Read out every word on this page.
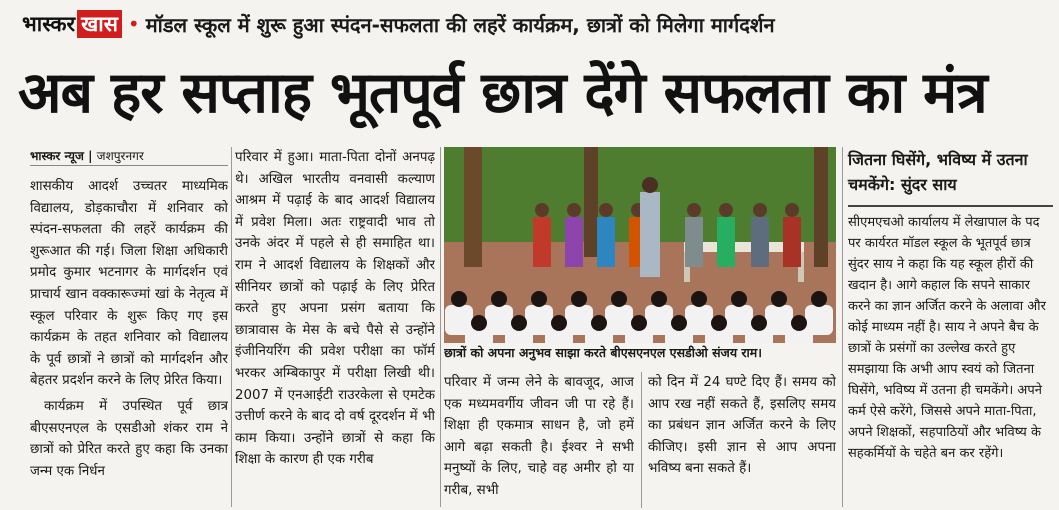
भास्कर खास • मॉडल स्कूल में शुरू हुआ स्पंदन-सफलता की लहरें कार्यक्रम, छात्रों को मिलेगा मार्गदर्शन
अब हर सप्ताह भूतपूर्व छात्र देंगे सफलता का मंत्र
भास्कर न्यूज | जशपुरनगर

शासकीय आदर्श उच्चतर माध्यमिक विद्यालय, डोड़काचौरा में शनिवार को स्पंदन-सफलता की लहरें कार्यक्रम की शुरूआत की गई। जिला शिक्षा अधिकारी प्रमोद कुमार भटनागर के मार्गदर्शन एवं प्राचार्य खान वक्कारूज्मां खां के नेतृत्व में स्कूल परिवार के शुरू किए गए इस कार्यक्रम के तहत शनिवार को विद्यालय के पूर्व छात्रों ने छात्रों को मार्गदर्शन और बेहतर प्रदर्शन करने के लिए प्रेरित किया।

कार्यक्रम में उपस्थित पूर्व छात्र बीएसएनएल के एसडीओ शंकर राम ने छात्रों को प्रेरित करते हुए कहा कि उनका जन्म एक निर्धन

परिवार में हुआ। माता-पिता दोनों अनपढ़ थे। अखिल भारतीय वनवासी कल्याण आश्रम में पढ़ाई के बाद आदर्श विद्यालय में प्रवेश मिला। अतः राष्ट्रवादी भाव तो उनके अंदर में पहले से ही समाहित था। राम ने आदर्श विद्यालय के शिक्षकों और सीनियर छात्रों को पढ़ाई के लिए प्रेरित करते हुए अपना प्रसंग बताया कि छात्रावास के मेस के बचे पैसे से उन्होंने इंजीनियरिंग की प्रवेश परीक्षा का फॉर्म भरकर अम्बिकापुर में परीक्षा लिखी थी। 2007 में एनआईटी राउरकेला से एमटेक उत्तीर्ण करने के बाद दो वर्ष दूरदर्शन में भी काम किया। उन्होंने छात्रों से कहा कि शिक्षा के कारण ही एक गरीब

छात्रों को अपना अनुभव साझा करते बीएसएनएल एसडीओ संजय राम।

परिवार में जन्म लेने के बावजूद, आज एक मध्यमवर्गीय जीवन जी पा रहे हैं। शिक्षा ही एकमात्र साधन है, जो हमें आगे बढ़ा सकती है। ईश्वर ने सभी मनुष्यों के लिए, चाहे वह अमीर हो या गरीब, सभी

को दिन में 24 घण्टे दिए हैं। समय को आप रख नहीं सकते हैं, इसलिए समय का प्रबंधन ज्ञान अर्जित करने के लिए कीजिए। इसी ज्ञान से आप अपना भविष्य बना सकते हैं।

जितना घिसेंगे, भविष्य में उतना चमकेंगे: सुंदर साय

सीएमएचओ कार्यालय में लेखापाल के पद पर कार्यरत मॉडल स्कूल के भूतपूर्व छात्र सुंदर साय ने कहा कि यह स्कूल हीरों की खदान है। आगे कहाल कि सपने साकार करने का ज्ञान अर्जित करने के अलावा और कोई माध्यम नहीं है। साय ने अपने बैच के छात्रों के प्रसंगों का उल्लेख करते हुए समझाया कि अभी आप स्वयं को जितना घिसेंगे, भविष्य में उतना ही चमकेंगे। अपने कर्म ऐसे करेंगे, जिससे अपने माता-पिता, अपने शिक्षकों, सहपाठियों और भविष्य के सहकर्मियों के चहेते बन कर रहेंगे।
